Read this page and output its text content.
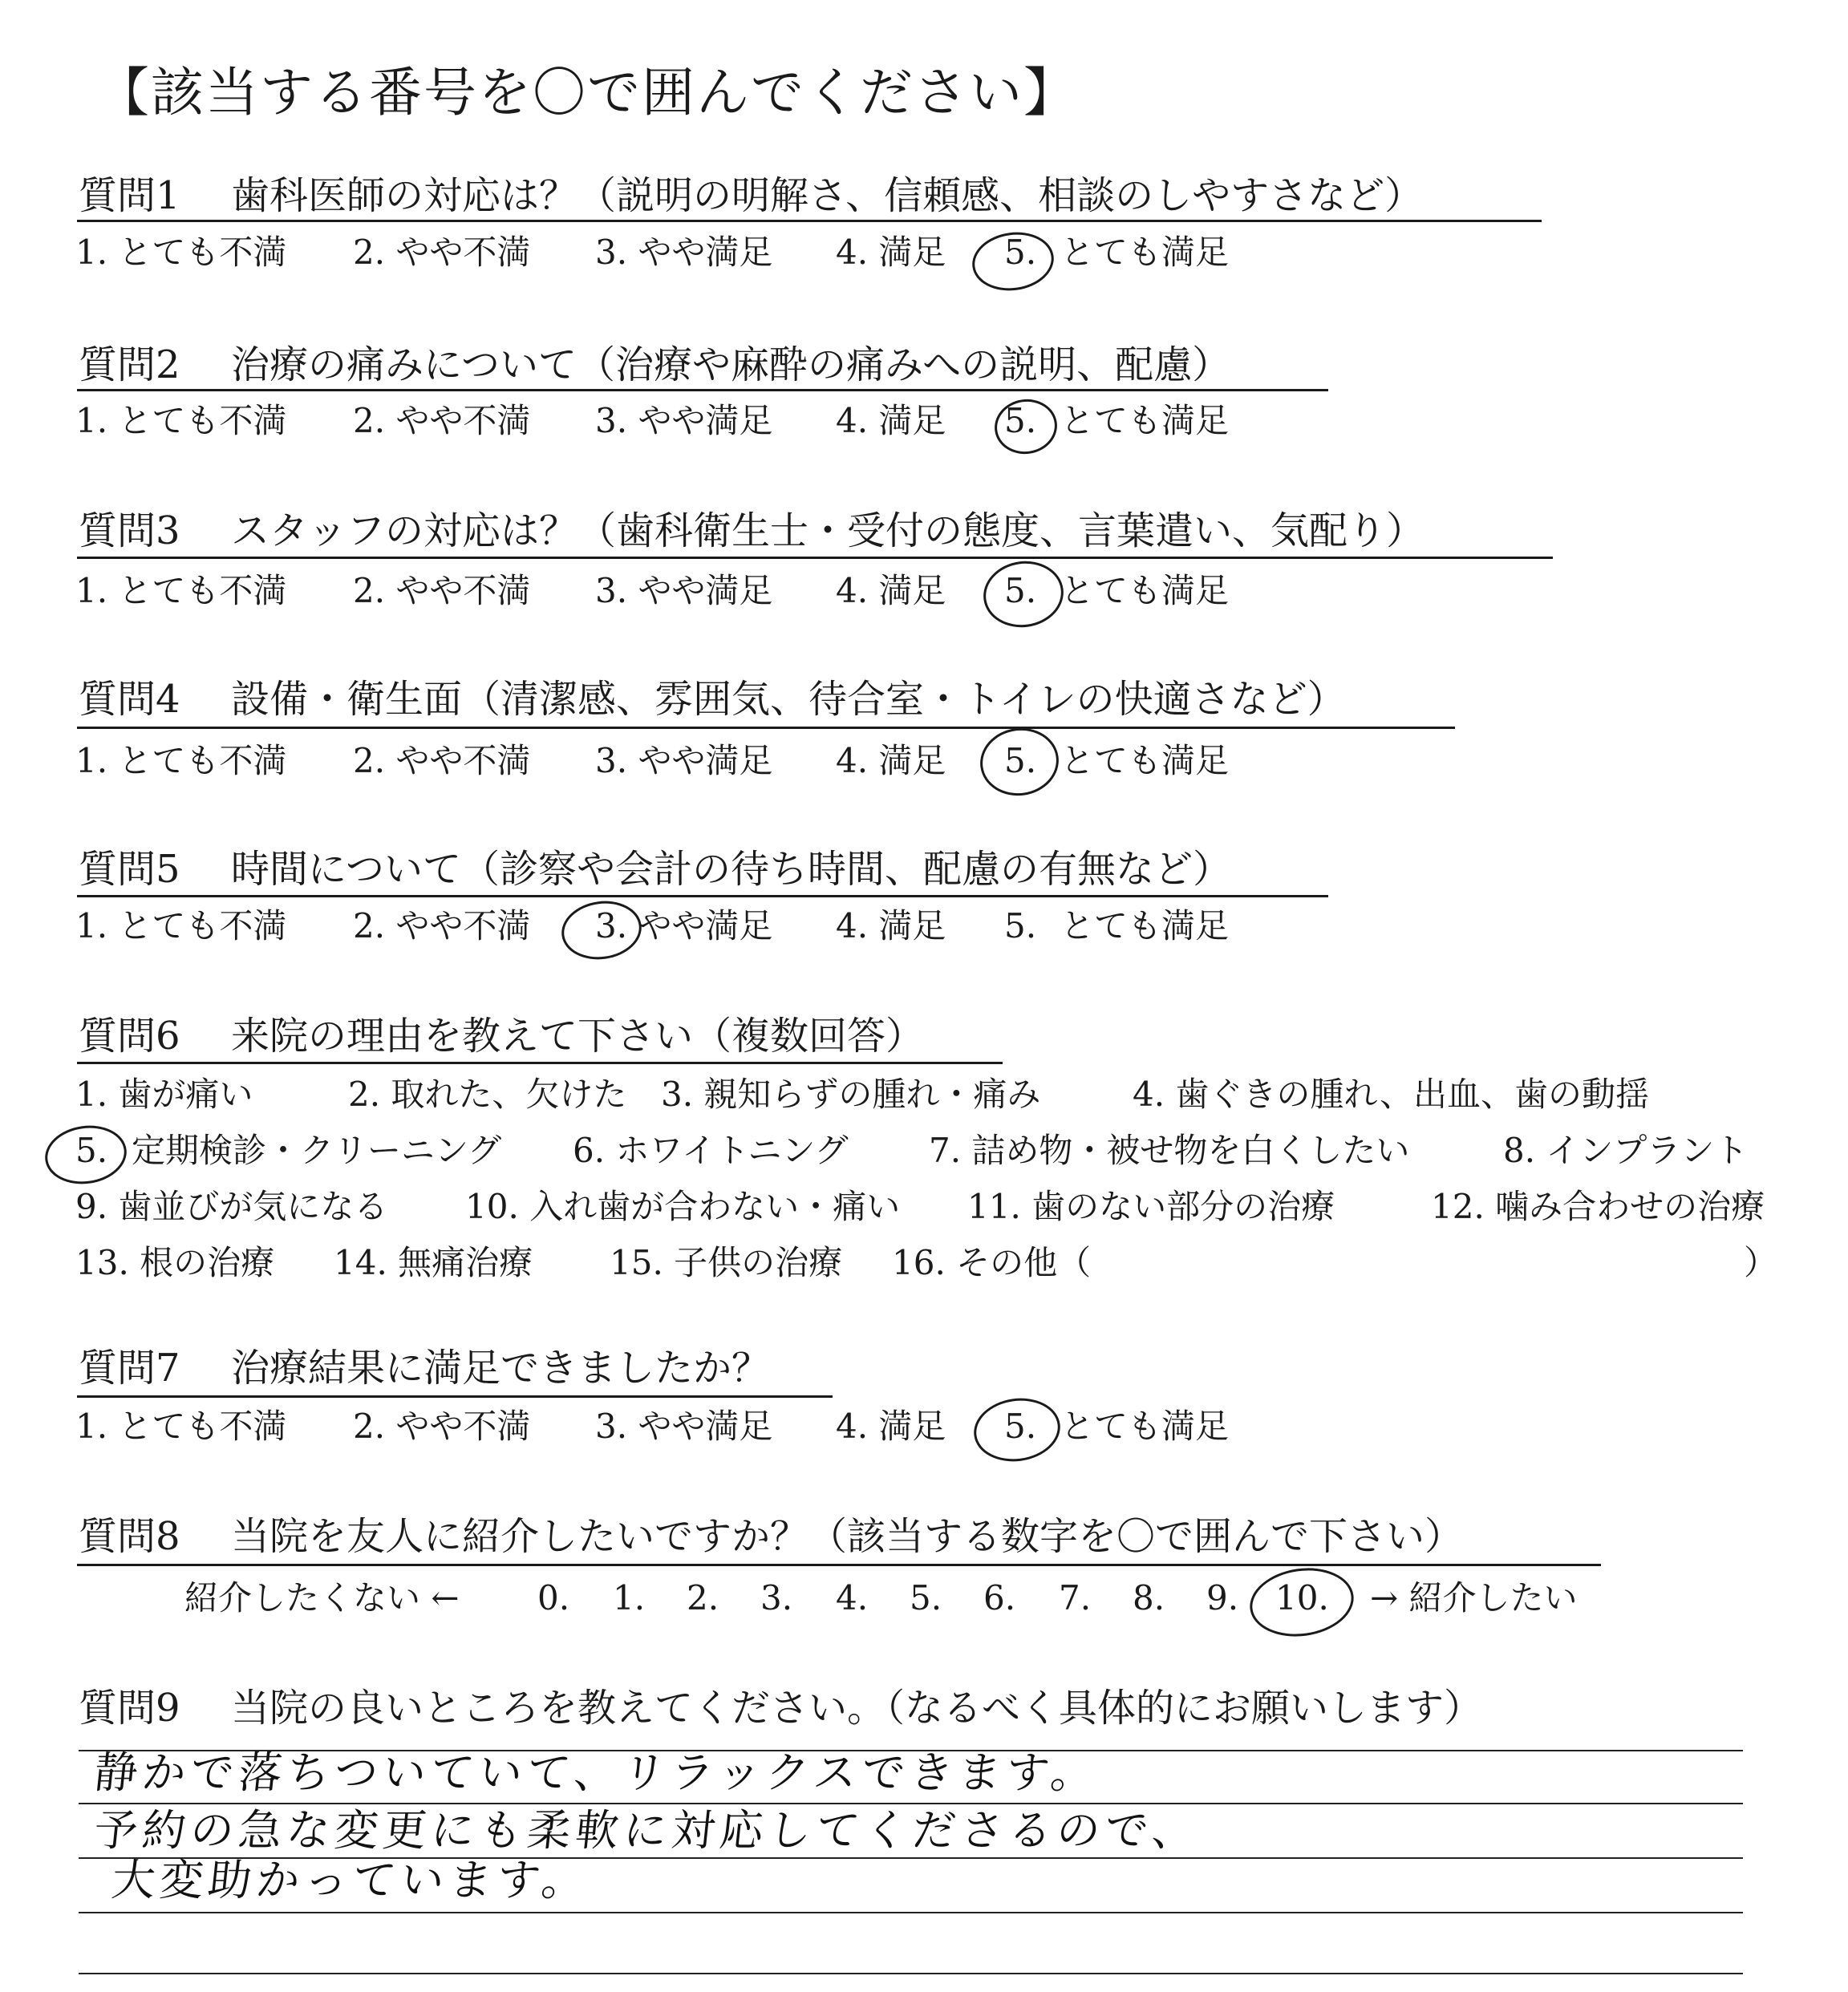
【該当する番号を〇で囲んでください】
質問1 歯科医師の対応は？（説明の明解さ、信頼感、相談のしやすさなど）
1. とても不満 2. やや不満 3. やや満足 4. 満足 5. とても満足
質問2 治療の痛みについて（治療や麻酔の痛みへの説明、配慮）
1. とても不満 2. やや不満 3. やや満足 4. 満足 5. とても満足
質問3 スタッフの対応は？（歯科衛生士・受付の態度、言葉遣い、気配り）
1. とても不満 2. やや不満 3. やや満足 4. 満足 5. とても満足
質問4 設備・衛生面（清潔感、雰囲気、待合室・トイレの快適さなど）
1. とても不満 2. やや不満 3. やや満足 4. 満足 5. とても満足
質問5 時間について（診察や会計の待ち時間、配慮の有無など）
1. とても不満 2. やや不満 3. やや満足 4. 満足 5. とても満足
質問6 来院の理由を教えて下さい（複数回答）
1. 歯が痛い	2. 取れた、欠けた 3. 親知らずの腫れ・痛み	4. 歯ぐきの腫れ、出血、歯の動揺
5. 定期検診・クリーニング 6. ホワイトニング 7. 詰め物・被せ物を白くしたい	8. インプラント
9. 歯並びが気になる 10. 入れ歯が合わない・痛い 11. 歯のない部分の治療	12. 噛み合わせの治療
13. 根の治療 14. 無痛治療 15. 子供の治療 16. その他（	）
質問7 治療結果に満足できましたか？
1. とても不満 2. やや不満 3. やや満足 4. 満足 5. とても満足
質問8 当院を友人に紹介したいですか？（該当する数字を〇で囲んで下さい）
紹介したくない ← 0. 1. 2. 3. 4. 5. 6. 7. 8. 9. 10. → 紹介したい
質問9 当院の良いところを教えてください。（なるべく具体的にお願いします）
静かで落ちついていて、リラックスできます。
予約の急な変更にも柔軟に対応してくださるので、
大変助かっています。
